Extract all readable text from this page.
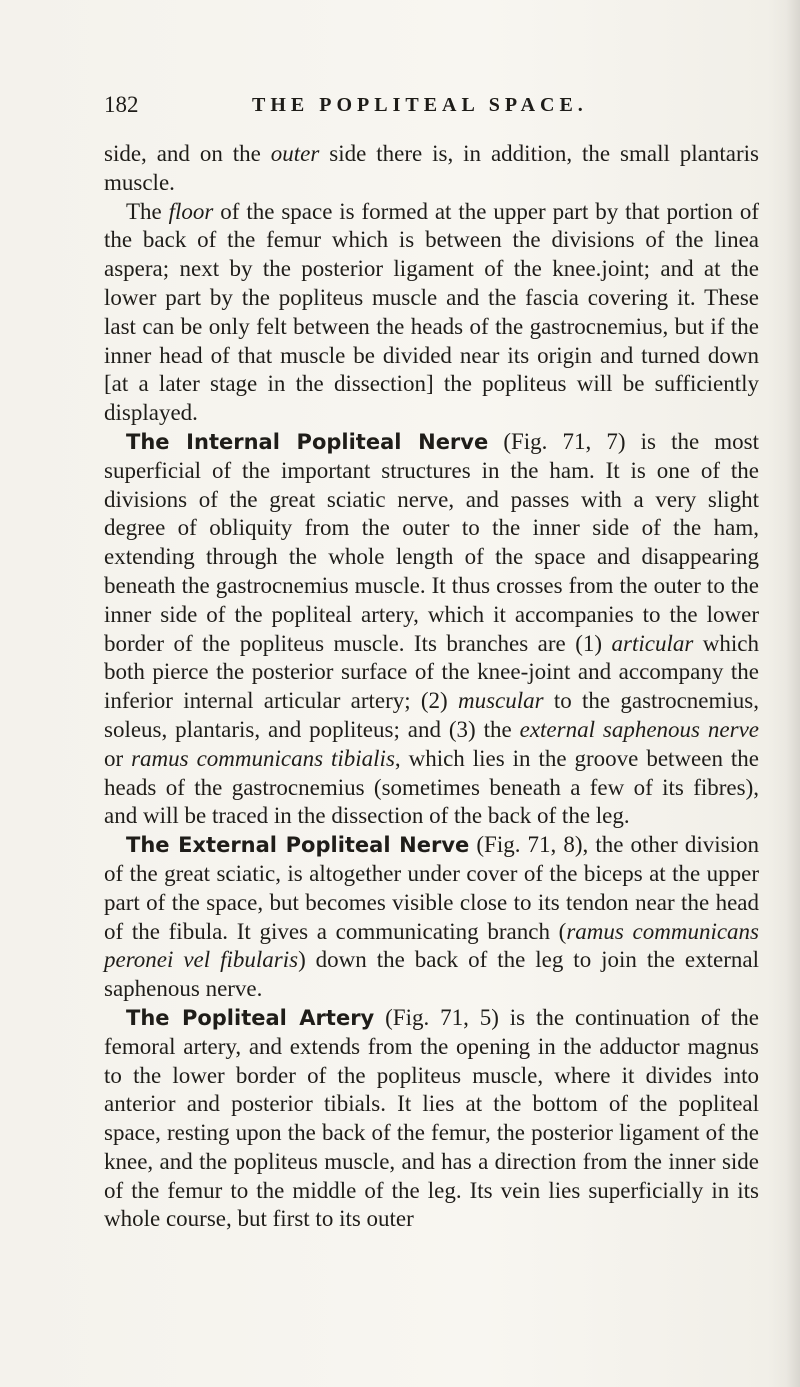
182	THE POPLITEAL SPACE.

side, and on the outer side there is, in addition, the small plantaris muscle.

The floor of the space is formed at the upper part by that portion of the back of the femur which is between the divisions of the linea aspera; next by the posterior ligament of the knee.joint; and at the lower part by the popliteus muscle and the fascia covering it. These last can be only felt between the heads of the gastrocnemius, but if the inner head of that muscle be divided near its origin and turned down [at a later stage in the dissection] the popliteus will be sufficiently displayed.

The Internal Popliteal Nerve (Fig. 71, 7) is the most superficial of the important structures in the ham. It is one of the divisions of the great sciatic nerve, and passes with a very slight degree of obliquity from the outer to the inner side of the ham, extending through the whole length of the space and disappearing beneath the gastrocnemius muscle. It thus crosses from the outer to the inner side of the popliteal artery, which it accompanies to the lower border of the popliteus muscle. Its branches are (1) articular which both pierce the posterior surface of the knee-joint and accompany the inferior internal articular artery; (2) muscular to the gastrocnemius, soleus, plantaris, and popliteus; and (3) the external saphenous nerve or ramus communicans tibialis, which lies in the groove between the heads of the gastrocnemius (sometimes beneath a few of its fibres), and will be traced in the dissection of the back of the leg.

The External Popliteal Nerve (Fig. 71, 8), the other division of the great sciatic, is altogether under cover of the biceps at the upper part of the space, but becomes visible close to its tendon near the head of the fibula. It gives a communicating branch (ramus communicans peronei vel fibularis) down the back of the leg to join the external saphenous nerve.

The Popliteal Artery (Fig. 71, 5) is the continuation of the femoral artery, and extends from the opening in the adductor magnus to the lower border of the popliteus muscle, where it divides into anterior and posterior tibials. It lies at the bottom of the popliteal space, resting upon the back of the femur, the posterior ligament of the knee, and the popliteus muscle, and has a direction from the inner side of the femur to the middle of the leg. Its vein lies superficially in its whole course, but first to its outer
